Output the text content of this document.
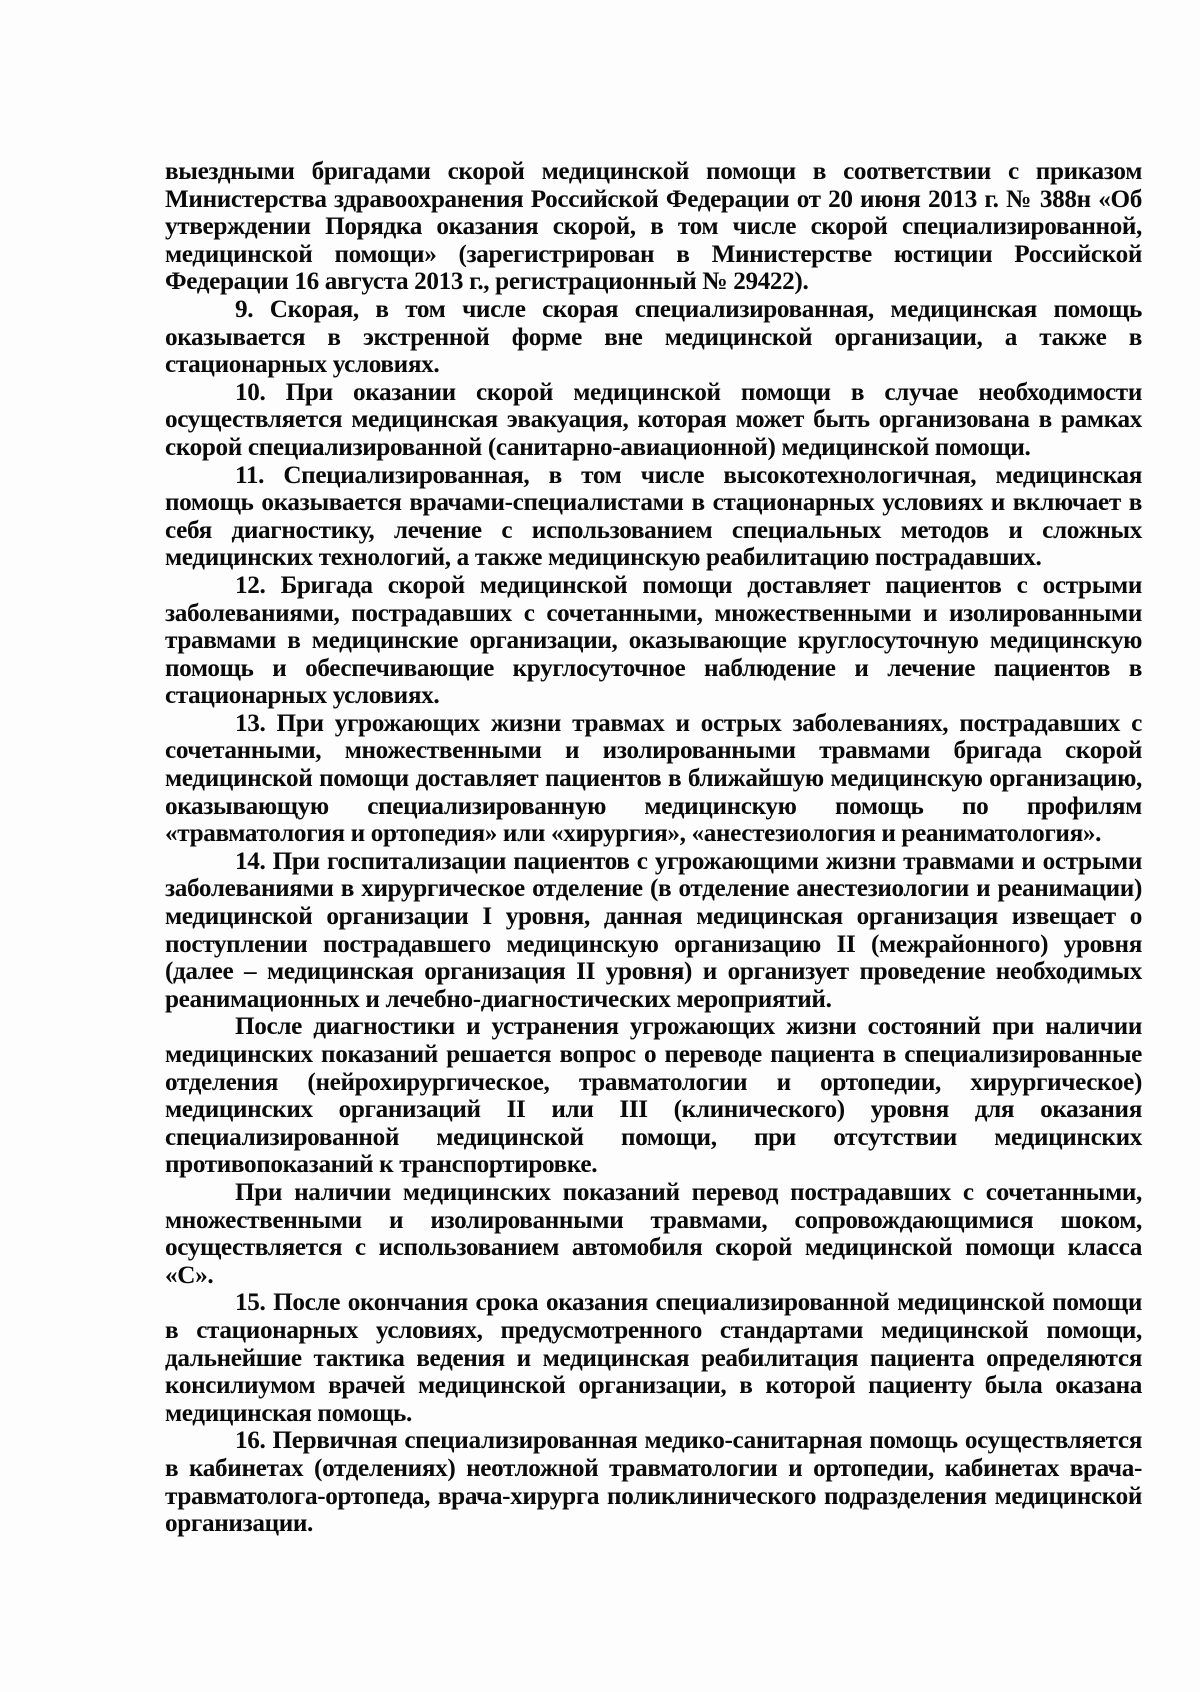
выездными бригадами скорой медицинской помощи в соответствии с приказом Министерства здравоохранения Российской Федерации от 20 июня 2013 г. № 388н «Об утверждении Порядка оказания скорой, в том числе скорой специализированной, медицинской помощи» (зарегистрирован в Министерстве юстиции Российской Федерации 16 августа 2013 г., регистрационный № 29422).

9. Скорая, в том числе скорая специализированная, медицинская помощь оказывается в экстренной форме вне медицинской организации, а также в стационарных условиях.

10. При оказании скорой медицинской помощи в случае необходимости осуществляется медицинская эвакуация, которая может быть организована в рамках скорой специализированной (санитарно-авиационной) медицинской помощи.

11. Специализированная, в том числе высокотехнологичная, медицинская помощь оказывается врачами-специалистами в стационарных условиях и включает в себя диагностику, лечение с использованием специальных методов и сложных медицинских технологий, а также медицинскую реабилитацию пострадавших.

12. Бригада скорой медицинской помощи доставляет пациентов с острыми заболеваниями, пострадавших с сочетанными, множественными и изолированными травмами в медицинские организации, оказывающие круглосуточную медицинскую помощь и обеспечивающие круглосуточное наблюдение и лечение пациентов в стационарных условиях.

13. При угрожающих жизни травмах и острых заболеваниях, пострадавших с сочетанными, множественными и изолированными травмами бригада скорой медицинской помощи доставляет пациентов в ближайшую медицинскую организацию, оказывающую специализированную медицинскую помощь по профилям «травматология и ортопедия» или «хирургия», «анестезиология и реаниматология».

14. При госпитализации пациентов с угрожающими жизни травмами и острыми заболеваниями в хирургическое отделение (в отделение анестезиологии и реанимации) медицинской организации I уровня, данная медицинская организация извещает о поступлении пострадавшего медицинскую организацию II (межрайонного) уровня (далее – медицинская организация II уровня) и организует проведение необходимых реанимационных и лечебно-диагностических мероприятий.

После диагностики и устранения угрожающих жизни состояний при наличии медицинских показаний решается вопрос о переводе пациента в специализированные отделения (нейрохирургическое, травматологии и ортопедии, хирургическое) медицинских организаций II или III (клинического) уровня для оказания специализированной медицинской помощи, при отсутствии медицинских противопоказаний к транспортировке.

При наличии медицинских показаний перевод пострадавших с сочетанными, множественными и изолированными травмами, сопровождающимися шоком, осуществляется с использованием автомобиля скорой медицинской помощи класса «С».

15. После окончания срока оказания специализированной медицинской помощи в стационарных условиях, предусмотренного стандартами медицинской помощи, дальнейшие тактика ведения и медицинская реабилитация пациента определяются консилиумом врачей медицинской организации, в которой пациенту была оказана медицинская помощь.

16. Первичная специализированная медико-санитарная помощь осуществляется в кабинетах (отделениях) неотложной травматологии и ортопедии, кабинетах врача-травматолога-ортопеда, врача-хирурга поликлинического подразделения медицинской организации.
